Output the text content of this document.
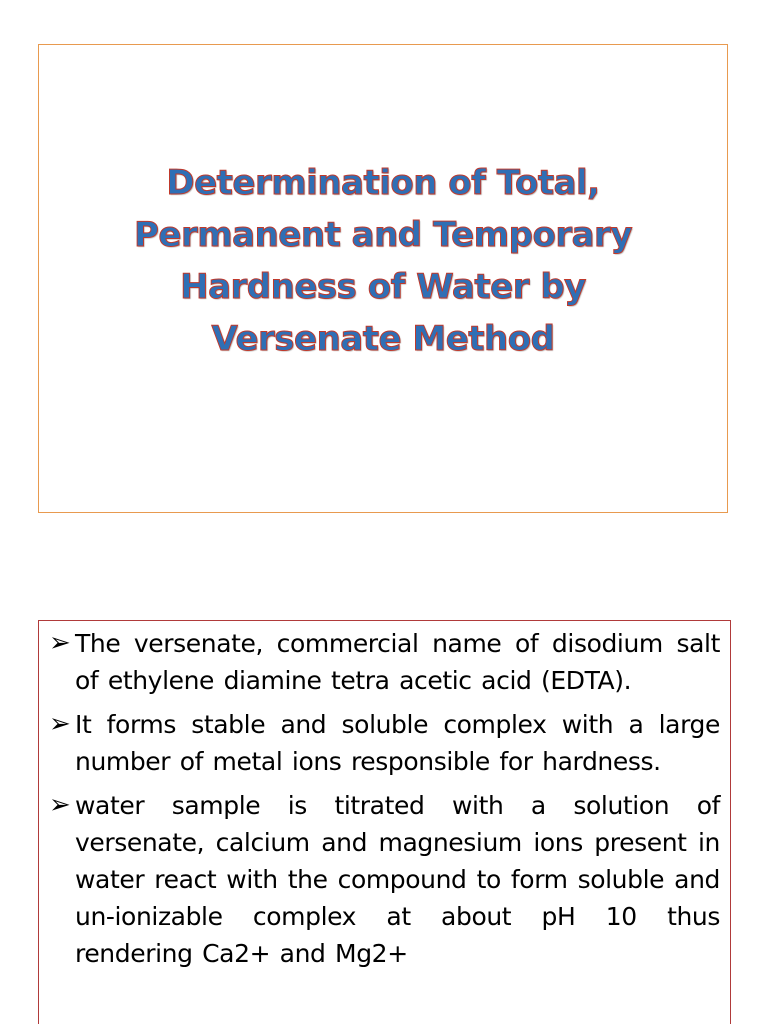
Determination of Total,
Permanent and Temporary
Hardness of Water by
Versenate Method
➢ The versenate, commercial name of disodium salt of ethylene diamine tetra acetic acid (EDTA).
➢ It forms stable and soluble complex with a large number of metal ions responsible for hardness.
➢ water sample is titrated with a solution of versenate, calcium and magnesium ions present in water react with the compound to form soluble and un-ionizable complex at about pH 10 thus rendering Ca2+ and Mg2+
